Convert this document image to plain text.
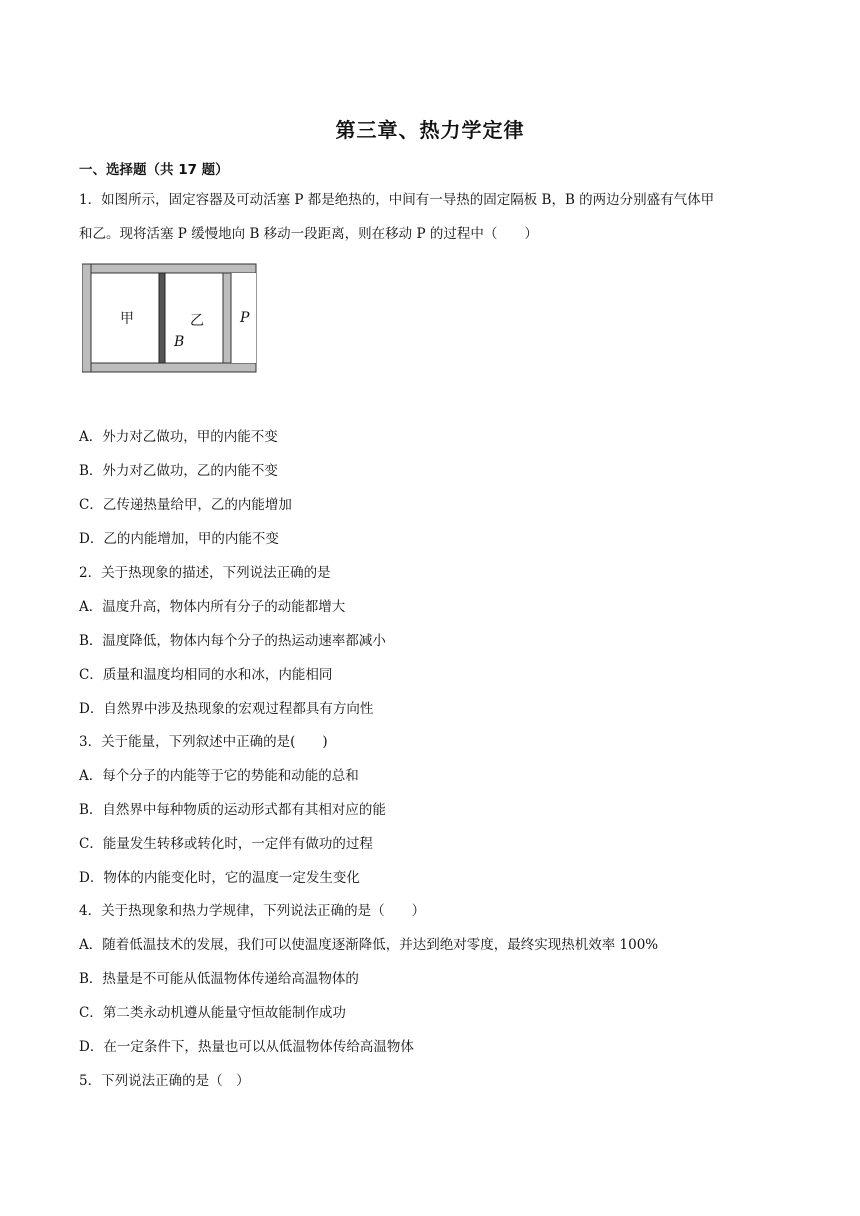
第三章、热力学定律
一、选择题（共 17 题）
1．如图所示，固定容器及可动活塞 P 都是绝热的，中间有一导热的固定隔板 B，B 的两边分别盛有气体甲
和乙。现将活塞 P 缓慢地向 B 移动一段距离，则在移动 P 的过程中（　　）
甲	乙
B
P
A．外力对乙做功，甲的内能不变
B．外力对乙做功，乙的内能不变
C．乙传递热量给甲，乙的内能增加
D．乙的内能增加，甲的内能不变
2．关于热现象的描述，下列说法正确的是
A．温度升高，物体内所有分子的动能都增大
B．温度降低，物体内每个分子的热运动速率都减小
C．质量和温度均相同的水和冰，内能相同
D．自然界中涉及热现象的宏观过程都具有方向性
3．关于能量，下列叙述中正确的是(　　)
A．每个分子的内能等于它的势能和动能的总和
B．自然界中每种物质的运动形式都有其相对应的能
C．能量发生转移或转化时，一定伴有做功的过程
D．物体的内能变化时，它的温度一定发生变化
4．关于热现象和热力学规律，下列说法正确的是（　　）
A．随着低温技术的发展，我们可以使温度逐渐降低，并达到绝对零度，最终实现热机效率 100%
B．热量是不可能从低温物体传递给高温物体的
C．第二类永动机遵从能量守恒故能制作成功
D．在一定条件下，热量也可以从低温物体传给高温物体
5．下列说法正确的是（　）
